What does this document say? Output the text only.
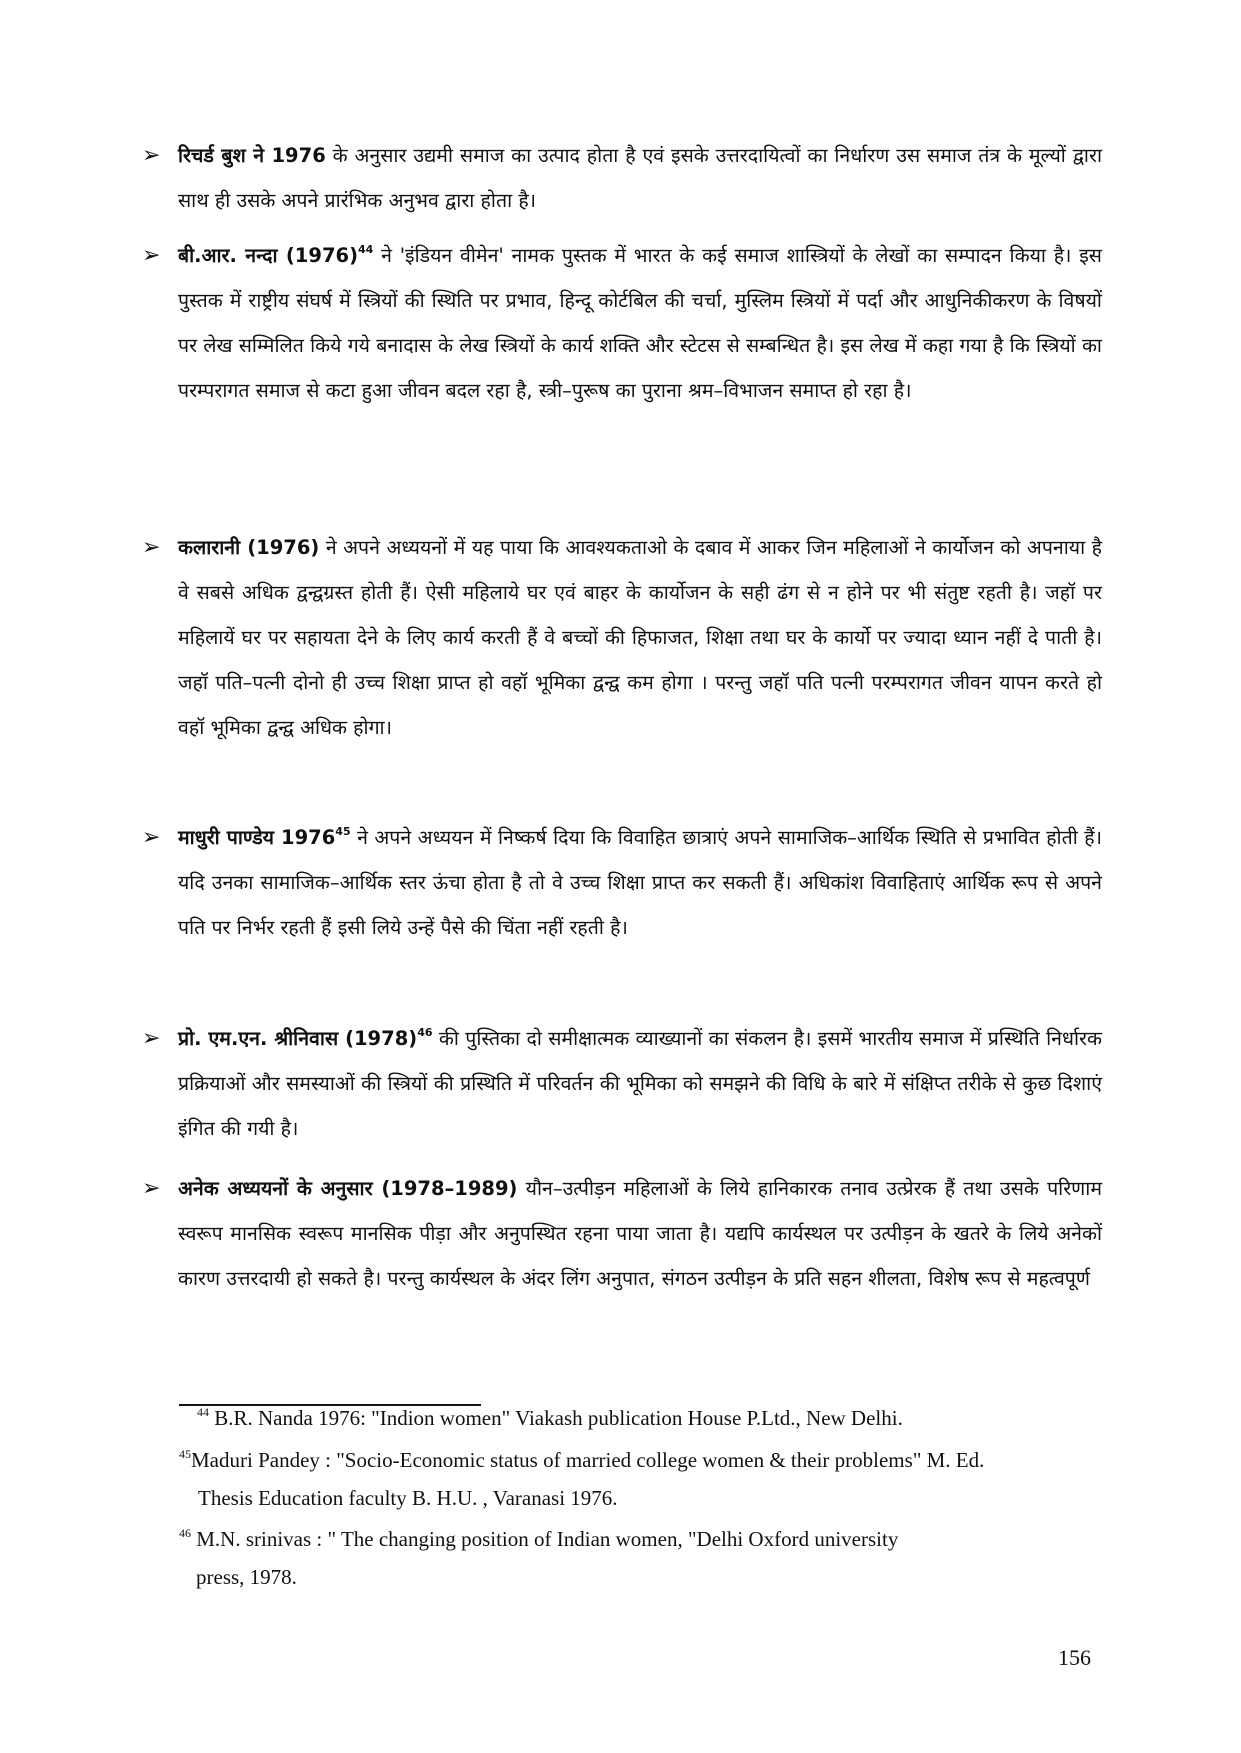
➢ रिचर्ड बुश ने 1976 के अनुसार उद्यमी समाज का उत्पाद होता है एवं इसके उत्तरदायित्वों का निर्धारण उस समाज तंत्र के मूल्यों द्वारा साथ ही उसके अपने प्रारंभिक अनुभव द्वारा होता है।
➢ बी.आर. नन्दा $(1976)^{44}$ ने 'इंडियन वीमेन' नामक पुस्तक में भारत के कई समाज शास्त्रियों के लेखों का सम्पादन किया है। इस पुस्तक में राष्ट्रीय संघर्ष में स्त्रियों की स्थिति पर प्रभाव, हिन्दू कोर्टबिल की चर्चा, मुस्लिम स्त्रियों में पर्दा और आधुनिकीकरण के विषयों पर लेख सम्मिलित किये गये बनादास के लेख स्त्रियों के कार्य शक्ति और स्टेटस से सम्बन्धित है। इस लेख में कहा गया है कि स्त्रियों का परम्परागत समाज से कटा हुआ जीवन बदल रहा है, स्त्री–पुरूष का पुराना श्रम–विभाजन समाप्त हो रहा है।
➢ कलारानी (1976) ने अपने अध्ययनों में यह पाया कि आवश्यकताओ के दबाव में आकर जिन महिलाओं ने कार्योजन को अपनाया है वे सबसे अधिक द्वन्द्वग्रस्त होती हैं। ऐसी महिलाये घर एवं बाहर के कार्योजन के सही ढंग से न होने पर भी संतुष्ट रहती है। जहॉ पर महिलायें घर पर सहायता देने के लिए कार्य करती हैं वे बच्चों की हिफाजत, शिक्षा तथा घर के कार्यो पर ज्यादा ध्यान नहीं दे पाती है। जहॉ पति–पत्नी दोनो ही उच्च शिक्षा प्राप्त हो वहॉ भूमिका द्वन्द्व कम होगा । परन्तु जहॉ पति पत्नी परम्परागत जीवन यापन करते हो वहॉ भूमिका द्वन्द्व अधिक होगा।
➢ माधुरी पाण्डेय 1976$^{45}$ ने अपने अध्ययन में निष्कर्ष दिया कि विवाहित छात्राएं अपने सामाजिक–आर्थिक स्थिति से प्रभावित होती हैं। यदि उनका सामाजिक–आर्थिक स्तर ऊंचा होता है तो वे उच्च शिक्षा प्राप्त कर सकती हैं। अधिकांश विवाहिताएं आर्थिक रूप से अपने पति पर निर्भर रहती हैं इसी लिये उन्हें पैसे की चिंता नहीं रहती है।
➢ प्रो. एम.एन. श्रीनिवास $(1978)^{46}$ की पुस्तिका दो समीक्षात्मक व्याख्यानों का संकलन है। इसमें भारतीय समाज में प्रस्थिति निर्धारक प्रक्रियाओं और समस्याओं की स्त्रियों की प्रस्थिति में परिवर्तन की भूमिका को समझने की विधि के बारे में संक्षिप्त तरीके से कुछ दिशाएं इंगित की गयी है।
➢ अनेक अध्ययनों के अनुसार (1978–1989) यौन–उत्पीड़न महिलाओं के लिये हानिकारक तनाव उत्प्रेरक हैं तथा उसके परिणाम स्वरूप मानसिक स्वरूप मानसिक पीड़ा और अनुपस्थित रहना पाया जाता है। यद्यपि कार्यस्थल पर उत्पीड़न के खतरे के लिये अनेकों कारण उत्तरदायी हो सकते है। परन्तु कार्यस्थल के अंदर लिंग अनुपात, संगठन उत्पीड़न के प्रति सहन शीलता, विशेष रूप से महत्वपूर्ण
$^{44}$ B.R. Nanda 1976: "Indion women" Viakash publication House P.Ltd., New Delhi.
$^{45}$Maduri Pandey : "Socio-Economic status of married college women & their problems" M. Ed.
Thesis Education faculty B. H.U. , Varanasi 1976.
$^{46}$ M.N. srinivas : " The changing position of Indian women, "Delhi Oxford university
press, 1978.
156
